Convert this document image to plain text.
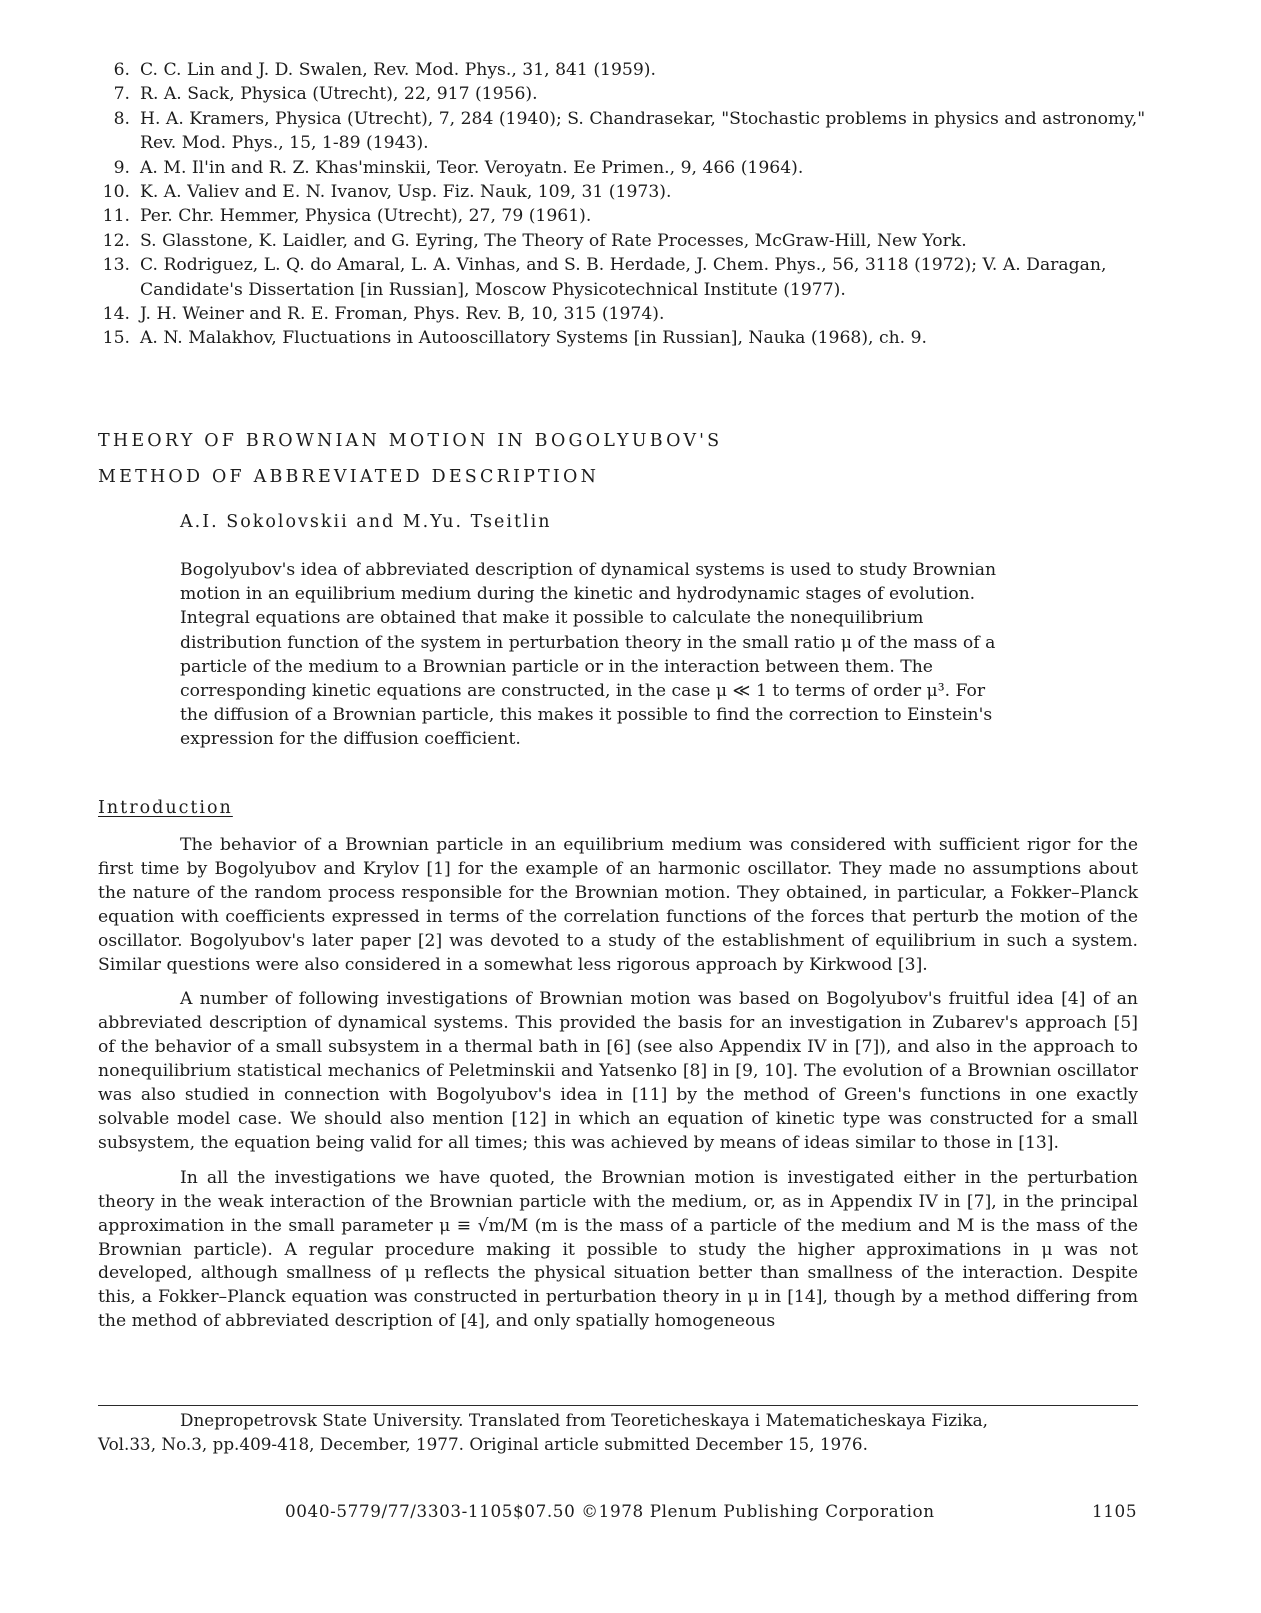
6. C. C. Lin and J. D. Swalen, Rev. Mod. Phys., 31, 841 (1959).
7. R. A. Sack, Physica (Utrecht), 22, 917 (1956).
8. H. A. Kramers, Physica (Utrecht), 7, 284 (1940); S. Chandrasekar, "Stochastic problems in physics and astronomy," Rev. Mod. Phys., 15, 1-89 (1943).
9. A. M. Il'in and R. Z. Khas'minskii, Teor. Veroyatn. Ee Primen., 9, 466 (1964).
10. K. A. Valiev and E. N. Ivanov, Usp. Fiz. Nauk, 109, 31 (1973).
11. Per. Chr. Hemmer, Physica (Utrecht), 27, 79 (1961).
12. S. Glasstone, K. Laidler, and G. Eyring, The Theory of Rate Processes, McGraw-Hill, New York.
13. C. Rodriguez, L. Q. do Amaral, L. A. Vinhas, and S. B. Herdade, J. Chem. Phys., 56, 3118 (1972); V. A. Daragan, Candidate's Dissertation [in Russian], Moscow Physicotechnical Institute (1977).
14. J. H. Weiner and R. E. Froman, Phys. Rev. B, 10, 315 (1974).
15. A. N. Malakhov, Fluctuations in Autooscillatory Systems [in Russian], Nauka (1968), ch. 9.
THEORY OF BROWNIAN MOTION IN BOGOLYUBOV'S
METHOD OF ABBREVIATED DESCRIPTION
A.I. Sokolovskii and M.Yu. Tseitlin
Bogolyubov's idea of abbreviated description of dynamical systems is used to study Brownian motion in an equilibrium medium during the kinetic and hydrodynamic stages of evolution. Integral equations are obtained that make it possible to calculate the nonequilibrium distribution function of the system in perturbation theory in the small ratio μ of the mass of a particle of the medium to a Brownian particle or in the interaction between them. The corresponding kinetic equations are constructed, in the case μ ≪ 1 to terms of order μ³. For the diffusion of a Brownian particle, this makes it possible to find the correction to Einstein's expression for the diffusion coefficient.
Introduction

The behavior of a Brownian particle in an equilibrium medium was considered with sufficient rigor for the first time by Bogolyubov and Krylov [1] for the example of an harmonic oscillator. They made no assumptions about the nature of the random process responsible for the Brownian motion. They obtained, in particular, a Fokker–Planck equation with coefficients expressed in terms of the correlation functions of the forces that perturb the motion of the oscillator. Bogolyubov's later paper [2] was devoted to a study of the establishment of equilibrium in such a system. Similar questions were also considered in a somewhat less rigorous approach by Kirkwood [3].

A number of following investigations of Brownian motion was based on Bogolyubov's fruitful idea [4] of an abbreviated description of dynamical systems. This provided the basis for an investigation in Zubarev's approach [5] of the behavior of a small subsystem in a thermal bath in [6] (see also Appendix IV in [7]), and also in the approach to nonequilibrium statistical mechanics of Peletminskii and Yatsenko [8] in [9, 10]. The evolution of a Brownian oscillator was also studied in connection with Bogolyubov's idea in [11] by the method of Green's functions in one exactly solvable model case. We should also mention [12] in which an equation of kinetic type was constructed for a small subsystem, the equation being valid for all times; this was achieved by means of ideas similar to those in [13].

In all the investigations we have quoted, the Brownian motion is investigated either in the perturbation theory in the weak interaction of the Brownian particle with the medium, or, as in Appendix IV in [7], in the principal approximation in the small parameter μ ≡ √m/M (m is the mass of a particle of the medium and M is the mass of the Brownian particle). A regular procedure making it possible to study the higher approximations in μ was not developed, although smallness of μ reflects the physical situation better than smallness of the interaction. Despite this, a Fokker–Planck equation was constructed in perturbation theory in μ in [14], though by a method differing from the method of abbreviated description of [4], and only spatially homogeneous

Dnepropetrovsk State University. Translated from Teoreticheskaya i Matematicheskaya Fizika,
Vol.33, No.3, pp.409-418, December, 1977. Original article submitted December 15, 1976.
0040-5779/77/3303-1105$07.50 ©1978 Plenum Publishing Corporation	1105
